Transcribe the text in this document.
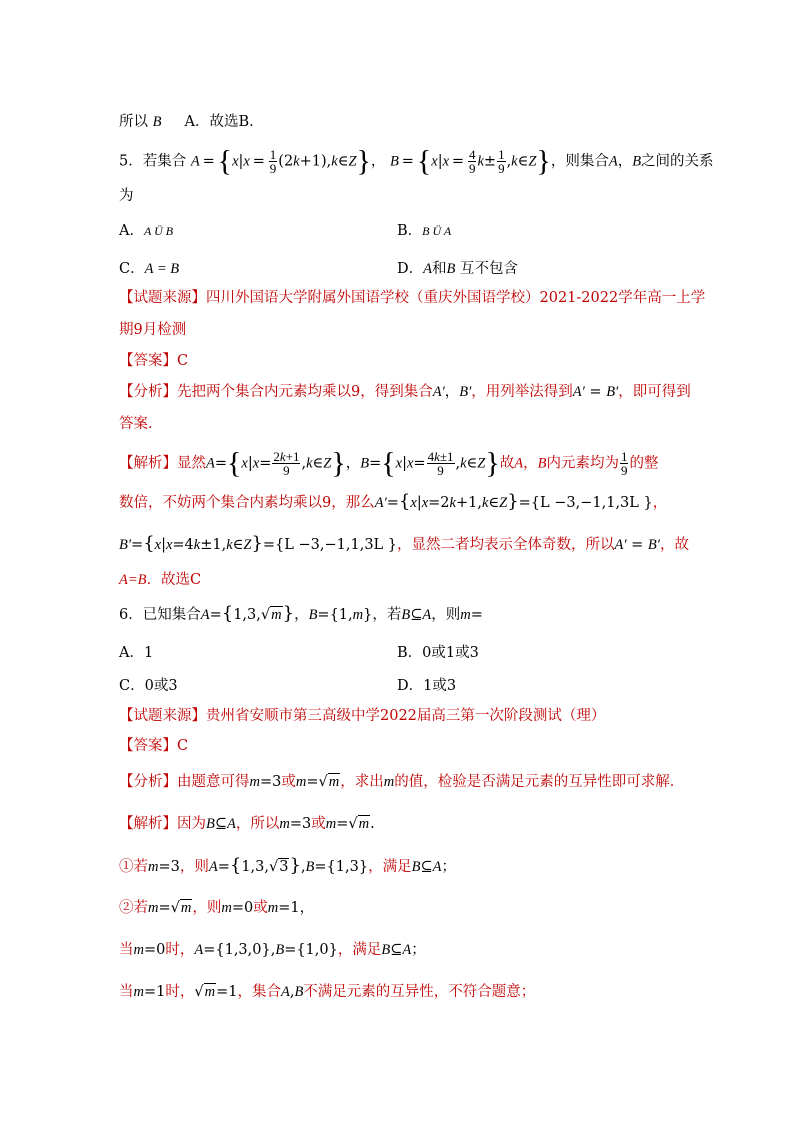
所以 B A．故选B．
5．若集合 $A = \{x|x = \frac{1}{9}$ (2k+1),k∈Z}， $B = \{x|x = \frac{4}{9} k\pm \frac{1}{9}$ ,k∈Z}，则集合A，B之间的关系
为
A．A Ü B	B．B Ü A
C．A = B	D．A和B 互不包含
【试题来源】四川外国语大学附属外国语学校（重庆外国语学校）2021-2022学年高一上学
期9月检测
【答案】C
【分析】先把两个集合内元素均乘以9，得到集合A′，B′，用列举法得到A′ = B′，即可得到
答案．
【解析】显然$A=\{x|x= \frac{2k+1}{9}$ ,k∈Z}，$B=\{x|x= \frac{4k\pm 1}{9}$ ,k∈Z}故A，B内元素均为 $\frac{1}{9}$ 的整
数倍，不妨两个集合内素均乘以9，那么A′={x|x=2k+1,k∈Z}={L −3,−1,1,3L }，
B′={x|x=4k±1,k∈Z}={L −3,−1,1,3L }，显然二者均表示全体奇数，所以A′ = B′，故
A=B．故选C
6．已知集合A={1,3,√m}，B={1,m}，若B⊆A，则m=
A．1	B．0或1或3
C．0或3	D．1或3
【试题来源】贵州省安顺市第三高级中学2022届高三第一次阶段测试（理）
【答案】C
【分析】由题意可得m=3或m=√m，求出m的值，检验是否满足元素的互异性即可求解．
【解析】因为B⊆A，所以m=3或m=√m.
①若m=3，则A={1,3,√3},B={1,3}，满足B⊆A；
②若m=√m，则m=0或m=1，
当m=0时，A={1,3,0},B={1,0}，满足B⊆A；
当m=1时，√m=1，集合A,B不满足元素的互异性，不符合题意；
